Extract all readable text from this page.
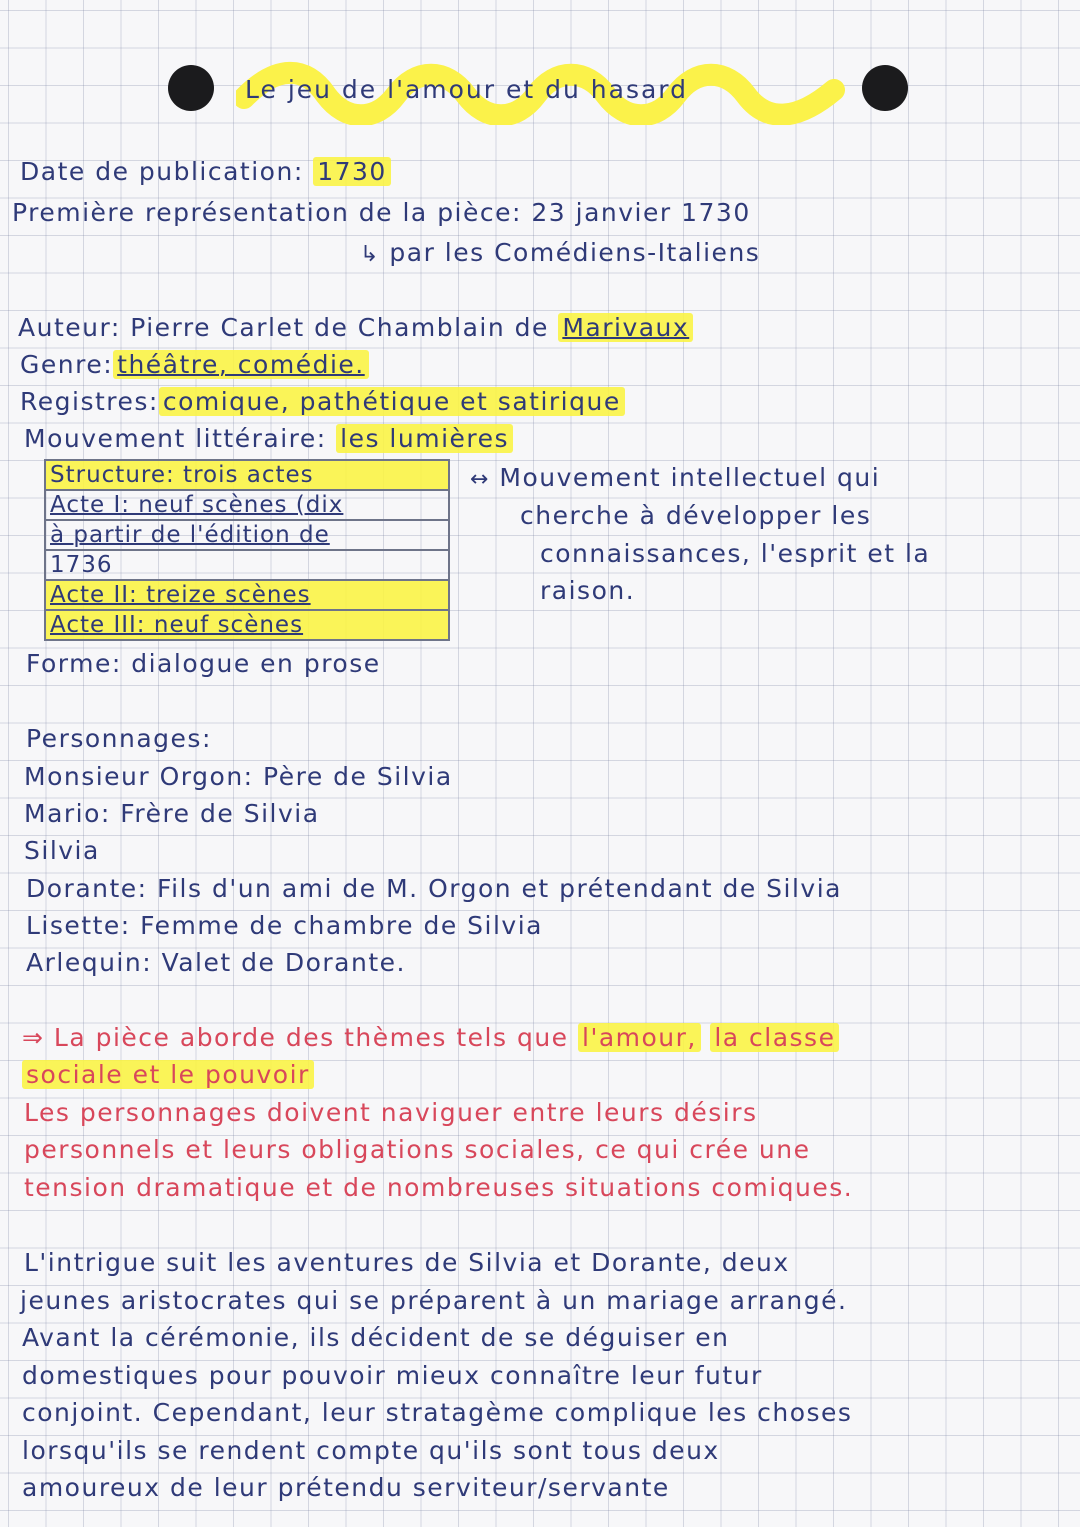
Le jeu de l'amour et du hasard
Date de publication: 1730
Première représentation de la pièce: 23 janvier 1730
↳ par les Comédiens-Italiens
Auteur: Pierre Carlet de Chamblain de Marivaux
Genre: théâtre, comédie.
Registres: comique, pathétique et satirique
Mouvement littéraire: les lumières
Structure: trois actes
Acte I: neuf scènes (dix
à partir de l'édition de
1736
Acte II: treize scènes
Acte III: neuf scènes
↔ Mouvement intellectuel qui
cherche à développer les
connaissances, l'esprit et la
raison.
Forme: dialogue en prose
Personnages:
Monsieur Orgon: Père de Silvia
Mario: Frère de Silvia
Silvia
Dorante: Fils d'un ami de M. Orgon et prétendant de Silvia
Lisette: Femme de chambre de Silvia
Arlequin: Valet de Dorante.
⇒ La pièce aborde des thèmes tels que l'amour, la classe
sociale et le pouvoir
Les personnages doivent naviguer entre leurs désirs
personnels et leurs obligations sociales, ce qui crée une
tension dramatique et de nombreuses situations comiques.
L'intrigue suit les aventures de Silvia et Dorante, deux
jeunes aristocrates qui se préparent à un mariage arrangé.
Avant la cérémonie, ils décident de se déguiser en
domestiques pour pouvoir mieux connaître leur futur
conjoint. Cependant, leur stratagème complique les choses
lorsqu'ils se rendent compte qu'ils sont tous deux
amoureux de leur prétendu serviteur/servante
